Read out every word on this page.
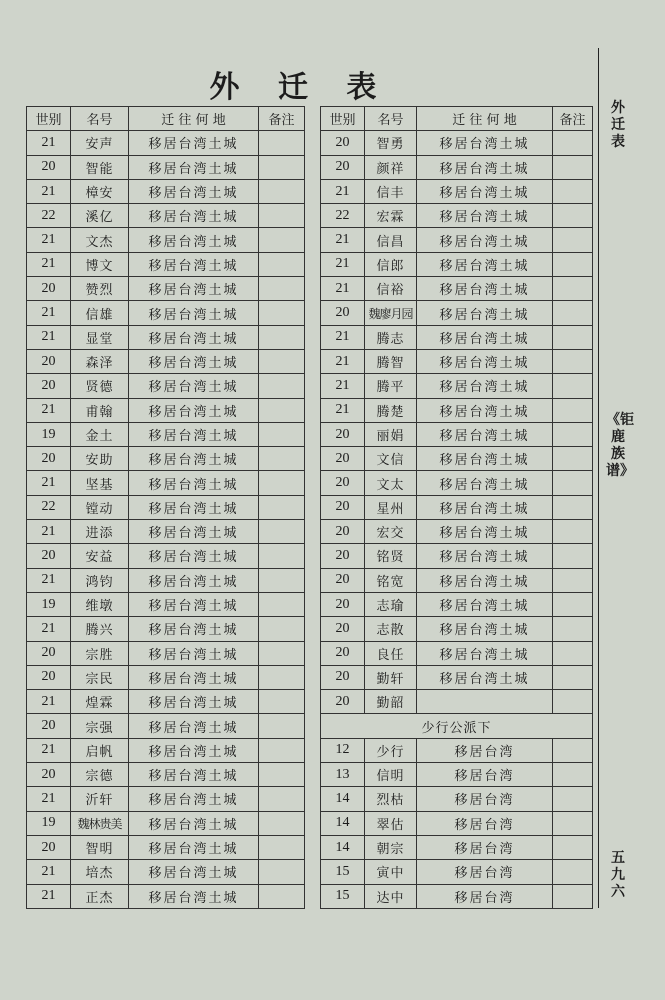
外 迁 表
外迁表
《钜鹿族谱》
五九六
世别	名号	迁 往 何 地	备注
21	安声	移居台湾土城	
20	智能	移居台湾土城	
21	樟安	移居台湾土城	
22	溪亿	移居台湾土城	
21	文杰	移居台湾土城	
21	博文	移居台湾土城	
20	赞烈	移居台湾土城	
21	信雄	移居台湾土城	
21	显堂	移居台湾土城	
20	森泽	移居台湾土城	
20	贤德	移居台湾土城	
21	甫翰	移居台湾土城	
19	金土	移居台湾土城	
20	安助	移居台湾土城	
21	坚基	移居台湾土城	
22	镗动	移居台湾土城	
21	进添	移居台湾土城	
20	安益	移居台湾土城	
21	鸿钧	移居台湾土城	
19	维墩	移居台湾土城	
21	腾兴	移居台湾土城	
20	宗胜	移居台湾土城	
20	宗民	移居台湾土城	
21	煌霖	移居台湾土城	
20	宗强	移居台湾土城	
21	启帆	移居台湾土城	
20	宗德	移居台湾土城	
21	沂轩	移居台湾土城	
19	魏林贵美	移居台湾土城	
20	智明	移居台湾土城	
21	培杰	移居台湾土城	
21	正杰	移居台湾土城	
世别	名号	迁 往 何 地	备注
20	智勇	移居台湾土城	
20	颜祥	移居台湾土城	
21	信丰	移居台湾土城	
22	宏霖	移居台湾土城	
21	信昌	移居台湾土城	
21	信郎	移居台湾土城	
21	信裕	移居台湾土城	
20	魏廖月园	移居台湾土城	
21	腾志	移居台湾土城	
21	腾智	移居台湾土城	
21	腾平	移居台湾土城	
21	腾楚	移居台湾土城	
20	丽娟	移居台湾土城	
20	文信	移居台湾土城	
20	文太	移居台湾土城	
20	星州	移居台湾土城	
20	宏交	移居台湾土城	
20	铭贤	移居台湾土城	
20	铭宽	移居台湾土城	
20	志瑜	移居台湾土城	
20	志散	移居台湾土城	
20	良任	移居台湾土城	
20	勤轩	移居台湾土城	
20	勤韶		
少行公派下			
12	少行	移居台湾	
13	信明	移居台湾	
14	烈枯	移居台湾	
14	翠估	移居台湾	
14	朝宗	移居台湾	
15	寅中	移居台湾	
15	达中	移居台湾	
